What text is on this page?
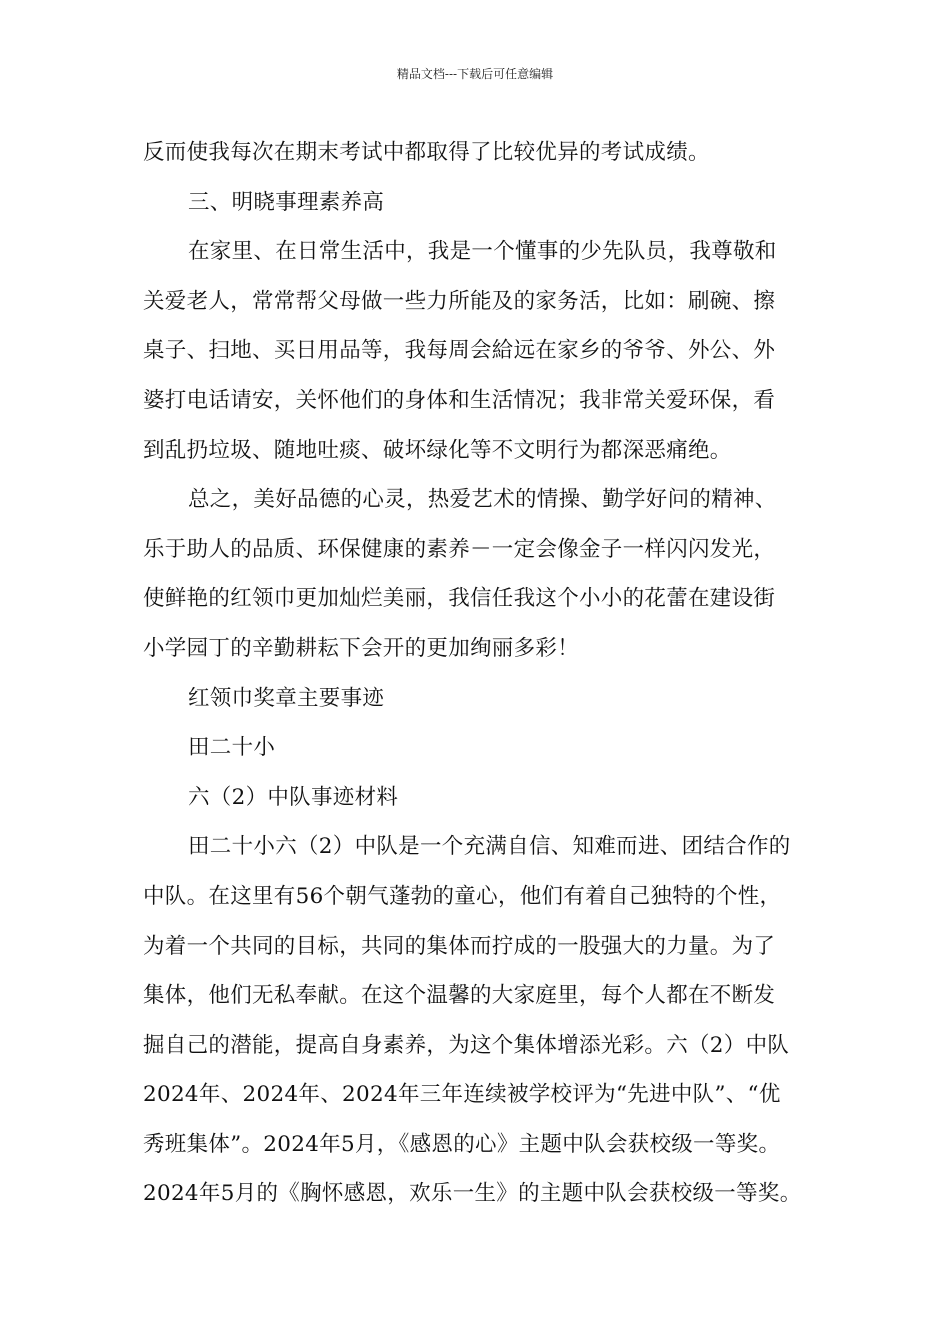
精品文档---下载后可任意编辑
反而使我每次在期末考试中都取得了比较优异的考试成绩。
三、明晓事理素养高
在家里、在日常生活中，我是一个懂事的少先队员，我尊敬和
关爱老人，常常帮父母做一些力所能及的家务活，比如：刷碗、擦
桌子、扫地、买日用品等，我每周会給远在家乡的爷爷、外公、外
婆打电话请安，关怀他们的身体和生活情况；我非常关爱环保，看
到乱扔垃圾、随地吐痰、破坏绿化等不文明行为都深恶痛绝。
总之，美好品德的心灵，热爱艺术的情操、勤学好问的精神、
乐于助人的品质、环保健康的素养－一定会像金子一样闪闪发光，
使鲜艳的红领巾更加灿烂美丽，我信任我这个小小的花蕾在建设街
小学园丁的辛勤耕耘下会开的更加绚丽多彩！
红领巾奖章主要事迹
田二十小
六（2）中队事迹材料
田二十小六（2）中队是一个充满自信、知难而进、团结合作的
中队。在这里有56个朝气蓬勃的童心，他们有着自己独特的个性，
为着一个共同的目标，共同的集体而拧成的一股强大的力量。为了
集体，他们无私奉献。在这个温馨的大家庭里，每个人都在不断发
掘自己的潜能，提高自身素养，为这个集体增添光彩。六（2）中队
2024年、2024年、2024年三年连续被学校评为“先进中队”、“优
秀班集体”。2024年5月，《感恩的心》主题中队会获校级一等奖。
2024年5月的《胸怀感恩，欢乐一生》的主题中队会获校级一等奖。
